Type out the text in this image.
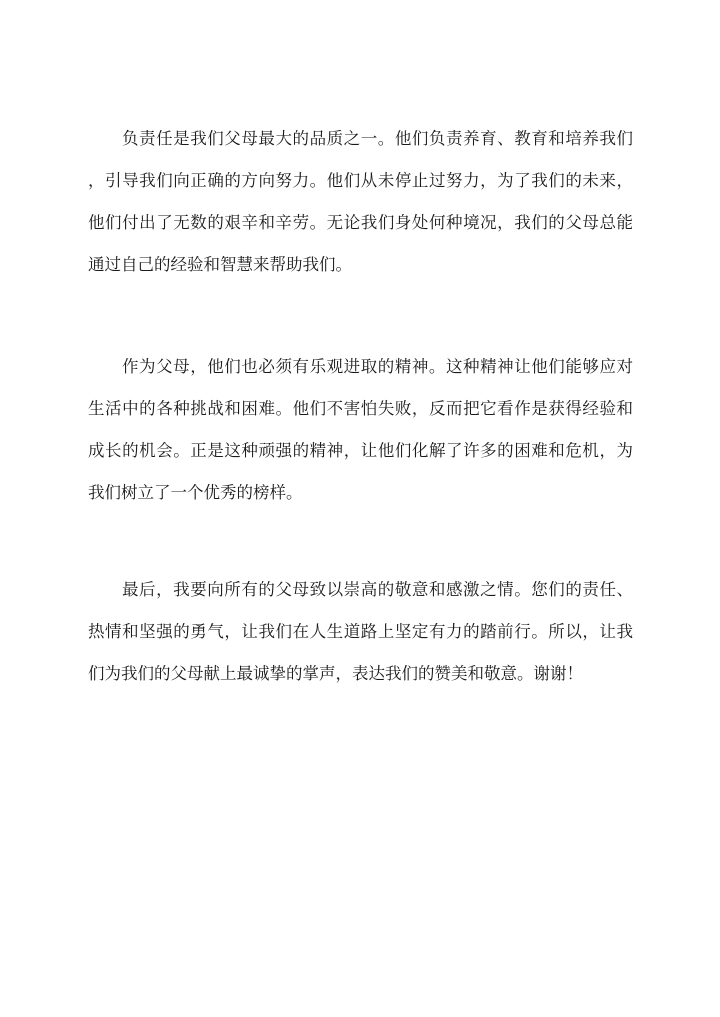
负责任是我们父母最大的品质之一。他们负责养育、教育和培养我们
，引导我们向正确的方向努力。他们从未停止过努力，为了我们的未来，
他们付出了无数的艰辛和辛劳。无论我们身处何种境况，我们的父母总能
通过自己的经验和智慧来帮助我们。

作为父母，他们也必须有乐观进取的精神。这种精神让他们能够应对
生活中的各种挑战和困难。他们不害怕失败，反而把它看作是获得经验和
成长的机会。正是这种顽强的精神，让他们化解了许多的困难和危机，为
我们树立了一个优秀的榜样。

最后，我要向所有的父母致以崇高的敬意和感激之情。您们的责任、
热情和坚强的勇气，让我们在人生道路上坚定有力的踏前行。所以，让我
们为我们的父母献上最诚挚的掌声，表达我们的赞美和敬意。谢谢！
